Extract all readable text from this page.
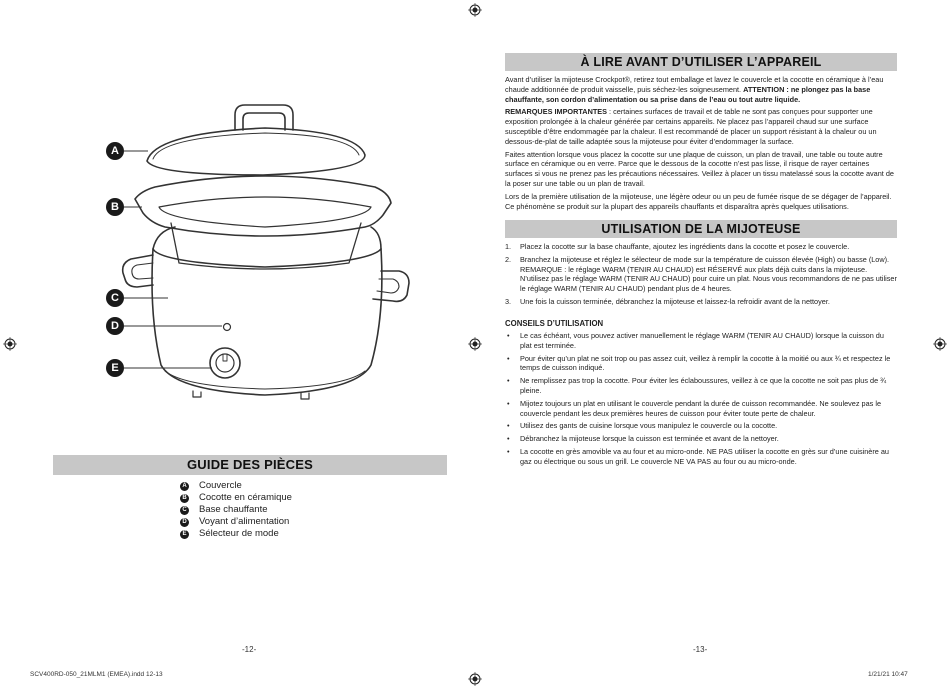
A
B
C
D
E
GUIDE DES PIÈCES
A Couvercle
B Cocotte en céramique
C Base chauffante
D Voyant d’alimentation
E Sélecteur de mode
-12-
À LIRE AVANT D’UTILISER L’APPAREIL

Avant d’utiliser la mijoteuse Crockpot®, retirez tout emballage et lavez le couvercle et la cocotte en céramique à l’eau chaude additionnée de produit vaisselle, puis séchez-les soigneusement. ATTENTION : ne plongez pas la base chauffante, son cordon d’alimentation ou sa prise dans de l’eau ou tout autre liquide.

REMARQUES IMPORTANTES : certaines surfaces de travail et de table ne sont pas conçues pour supporter une exposition prolongée à la chaleur générée par certains appareils. Ne placez pas l’appareil chaud sur une surface susceptible d’être endommagée par la chaleur. Il est recommandé de placer un support résistant à la chaleur ou un dessous-de-plat de taille adaptée sous la mijoteuse pour éviter d’endommager la surface.

Faites attention lorsque vous placez la cocotte sur une plaque de cuisson, un plan de travail, une table ou toute autre surface en céramique ou en verre. Parce que le dessous de la cocotte n’est pas lisse, il risque de rayer certaines surfaces si vous ne prenez pas les précautions nécessaires. Veillez à placer un tissu matelassé sous la cocotte avant de la poser sur une table ou un plan de travail.

Lors de la première utilisation de la mijoteuse, une légère odeur ou un peu de fumée risque de se dégager de l’appareil. Ce phénomène se produit sur la plupart des appareils chauffants et disparaîtra après quelques utilisations.

UTILISATION DE LA MIJOTEUSE
1. Placez la cocotte sur la base chauffante, ajoutez les ingrédients dans la cocotte et posez le couvercle.
2. Branchez la mijoteuse et réglez le sélecteur de mode sur la température de cuisson élevée (High) ou basse (Low). REMARQUE : le réglage WARM (TENIR AU CHAUD) est RÉSERVÉ aux plats déjà cuits dans la mijoteuse. N’utilisez pas le réglage WARM (TENIR AU CHAUD) pour cuire un plat. Nous vous recommandons de ne pas utiliser le réglage WARM (TENIR AU CHAUD) pendant plus de 4 heures.
3. Une fois la cuisson terminée, débranchez la mijoteuse et laissez-la refroidir avant de la nettoyer.
CONSEILS D’UTILISATION
• Le cas échéant, vous pouvez activer manuellement le réglage WARM (TENIR AU CHAUD) lorsque la cuisson du plat est terminée.
• Pour éviter qu’un plat ne soit trop ou pas assez cuit, veillez à remplir la cocotte à la moitié ou aux ¾ et respectez le temps de cuisson indiqué.
• Ne remplissez pas trop la cocotte. Pour éviter les éclaboussures, veillez à ce que la cocotte ne soit pas plus de ¾ pleine.
• Mijotez toujours un plat en utilisant le couvercle pendant la durée de cuisson recommandée. Ne soulevez pas le couvercle pendant les deux premières heures de cuisson pour éviter toute perte de chaleur.
• Utilisez des gants de cuisine lorsque vous manipulez le couvercle ou la cocotte.
• Débranchez la mijoteuse lorsque la cuisson est terminée et avant de la nettoyer.
• La cocotte en grès amovible va au four et au micro-onde. NE PAS utiliser la cocotte en grès sur d’une cuisinère au gaz ou électrique ou sous un grill. Le couvercle NE VA PAS au four ou au micro-onde.
-13-
SCV400RD-050_21MLM1 (EMEA).indd 12-13	1/21/21 10:47
